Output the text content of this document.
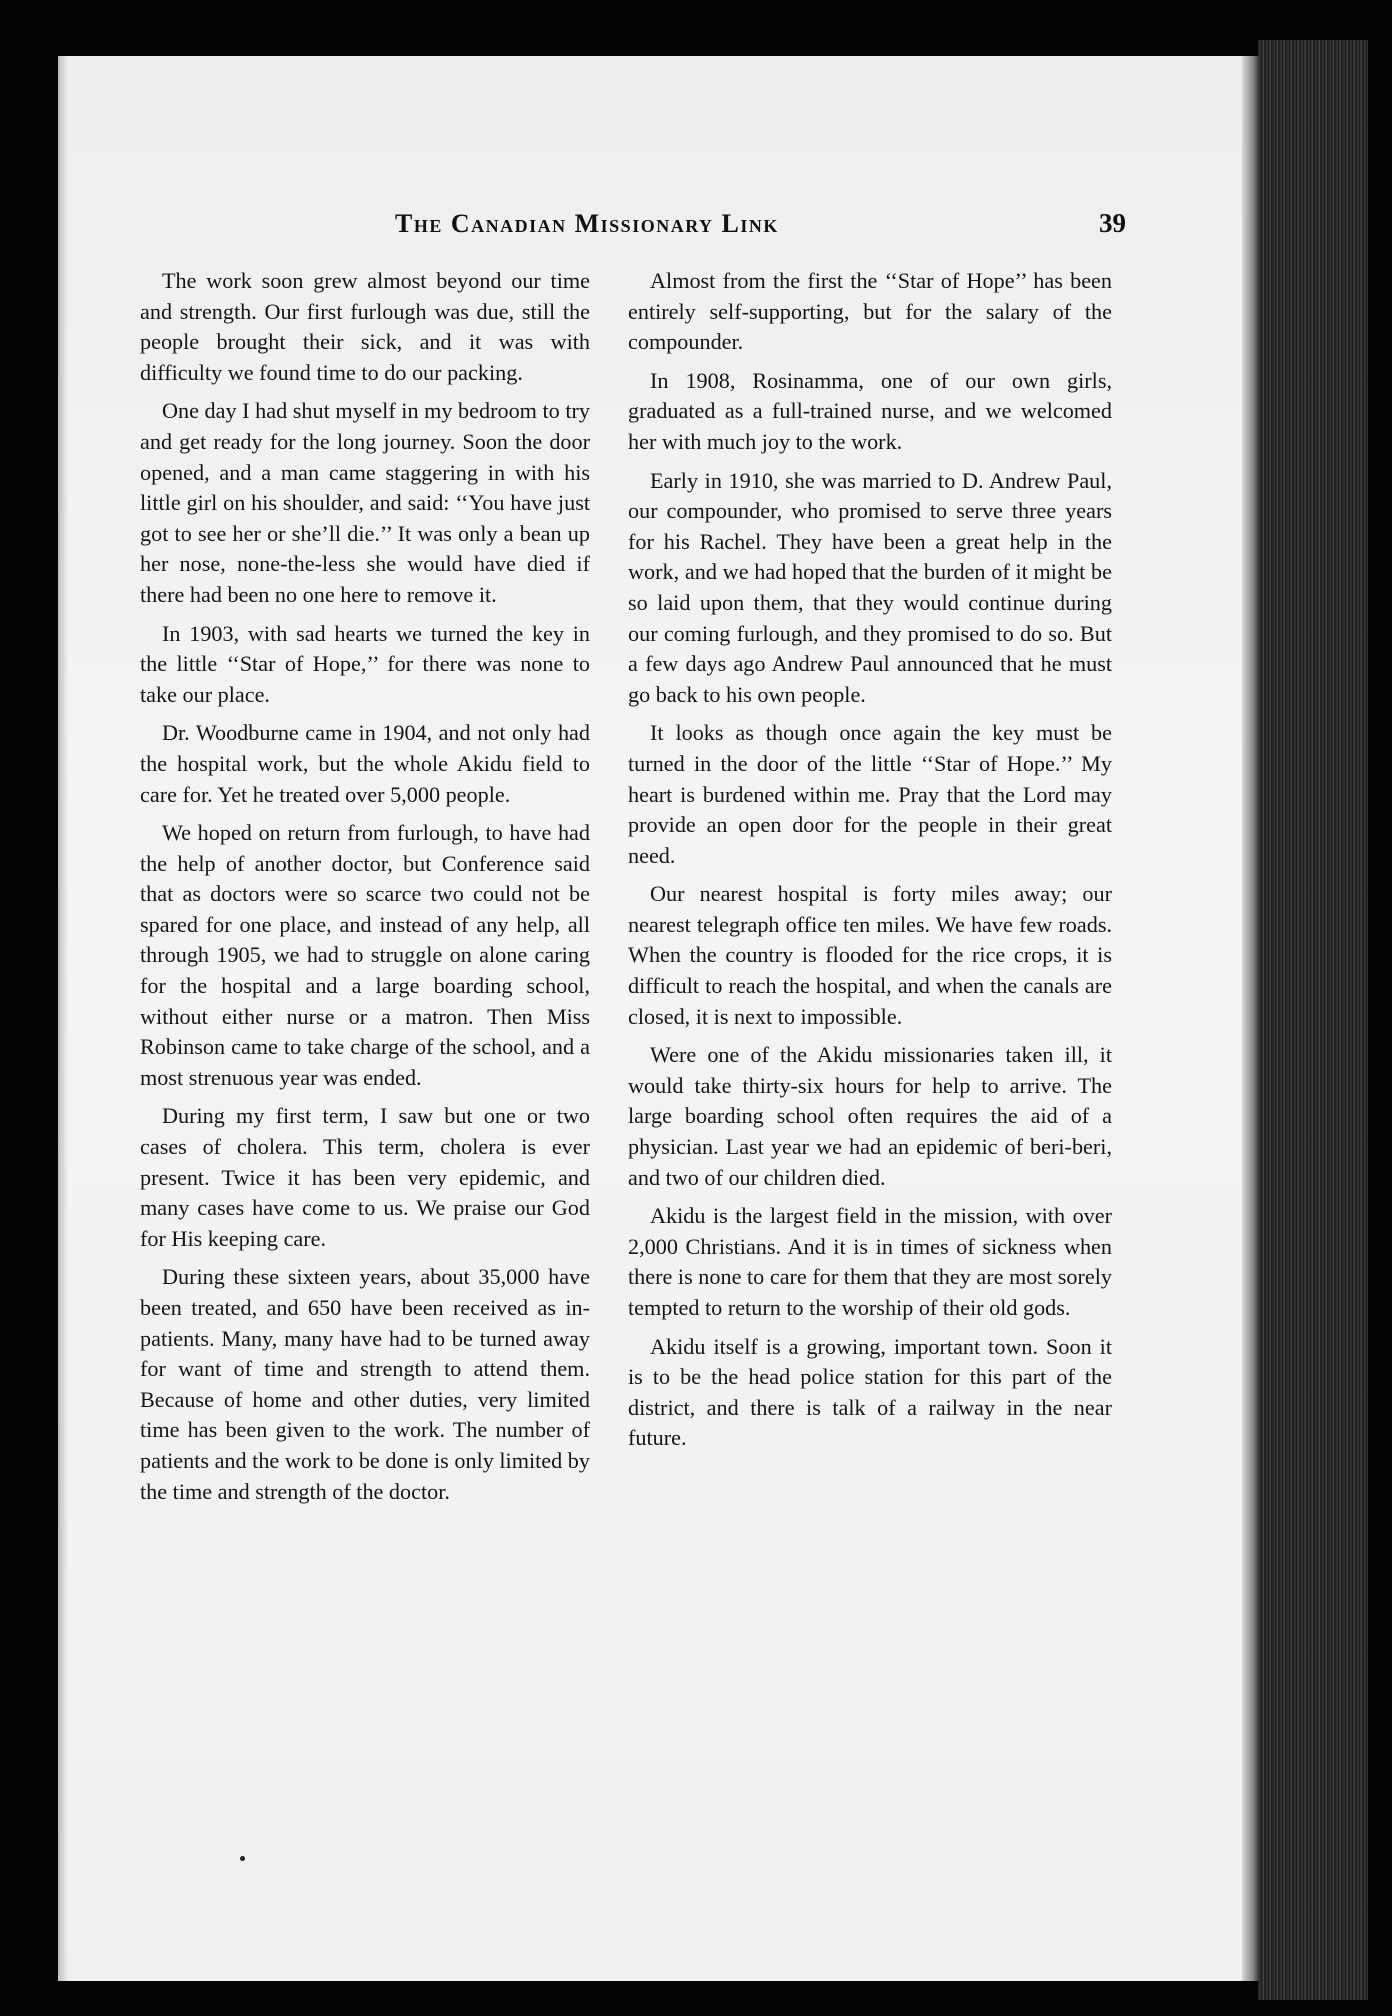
The Canadian Missionary Link	39

The work soon grew almost beyond our time and strength. Our first furlough was due, still the people brought their sick, and it was with difficulty we found time to do our packing.

One day I had shut myself in my bedroom to try and get ready for the long journey. Soon the door opened, and a man came staggering in with his little girl on his shoulder, and said: ‘‘You have just got to see her or she’ll die.’’ It was only a bean up her nose, none-the-less she would have died if there had been no one here to remove it.

In 1903, with sad hearts we turned the key in the little ‘‘Star of Hope,’’ for there was none to take our place.

Dr. Woodburne came in 1904, and not only had the hospital work, but the whole Akidu field to care for. Yet he treated over 5,000 people.

We hoped on return from furlough, to have had the help of another doctor, but Conference said that as doctors were so scarce two could not be spared for one place, and instead of any help, all through 1905, we had to struggle on alone caring for the hospital and a large boarding school, without either nurse or a matron. Then Miss Robinson came to take charge of the school, and a most strenuous year was ended.

During my first term, I saw but one or two cases of cholera. This term, cholera is ever present. Twice it has been very epidemic, and many cases have come to us. We praise our God for His keeping care.

During these sixteen years, about 35,000 have been treated, and 650 have been received as in-patients. Many, many have had to be turned away for want of time and strength to attend them. Because of home and other duties, very limited time has been given to the work. The number of patients and the work to be done is only limited by the time and strength of the doctor.

Almost from the first the ‘‘Star of Hope’’ has been entirely self-supporting, but for the salary of the compounder.

In 1908, Rosinamma, one of our own girls, graduated as a full-trained nurse, and we welcomed her with much joy to the work.

Early in 1910, she was married to D. Andrew Paul, our compounder, who promised to serve three years for his Rachel. They have been a great help in the work, and we had hoped that the burden of it might be so laid upon them, that they would continue during our coming furlough, and they promised to do so. But a few days ago Andrew Paul announced that he must go back to his own people.

It looks as though once again the key must be turned in the door of the little ‘‘Star of Hope.’’ My heart is burdened within me. Pray that the Lord may provide an open door for the people in their great need.

Our nearest hospital is forty miles away; our nearest telegraph office ten miles. We have few roads. When the country is flooded for the rice crops, it is difficult to reach the hospital, and when the canals are closed, it is next to impossible.

Were one of the Akidu missionaries taken ill, it would take thirty-six hours for help to arrive. The large boarding school often requires the aid of a physician. Last year we had an epidemic of beri-beri, and two of our children died.

Akidu is the largest field in the mission, with over 2,000 Christians. And it is in times of sickness when there is none to care for them that they are most sorely tempted to return to the worship of their old gods.

Akidu itself is a growing, important town. Soon it is to be the head police station for this part of the district, and there is talk of a railway in the near future.
